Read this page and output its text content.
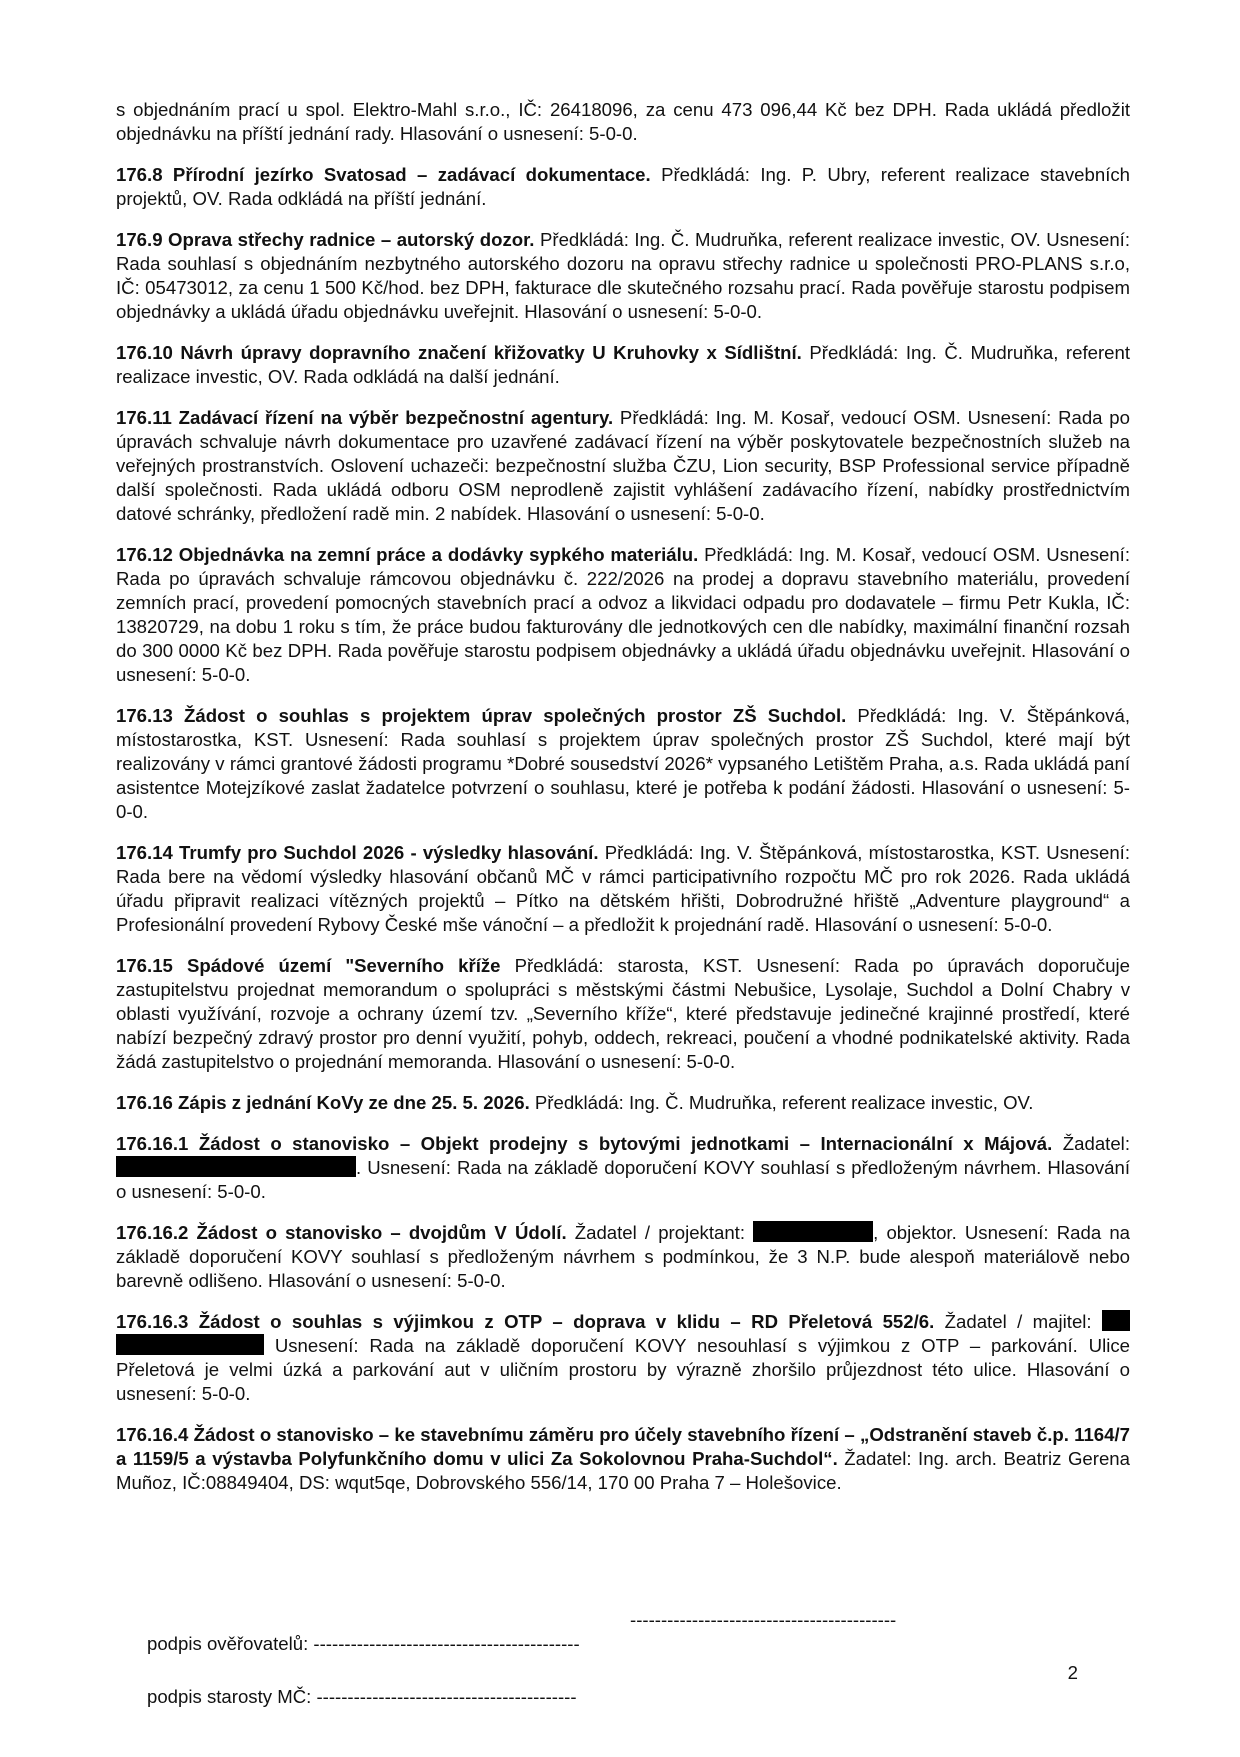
s objednáním prací u spol. Elektro-Mahl s.r.o., IČ: 26418096, za cenu 473 096,44 Kč bez DPH. Rada ukládá předložit objednávku na příští jednání rady. Hlasování o usnesení: 5-0-0.

176.8 Přírodní jezírko Svatosad – zadávací dokumentace. Předkládá: Ing. P. Ubry, referent realizace stavebních projektů, OV. Rada odkládá na příští jednání.

176.9 Oprava střechy radnice – autorský dozor. Předkládá: Ing. Č. Mudruňka, referent realizace investic, OV. Usnesení: Rada souhlasí s objednáním nezbytného autorského dozoru na opravu střechy radnice u společnosti PRO-PLANS s.r.o, IČ: 05473012, za cenu 1 500 Kč/hod. bez DPH, fakturace dle skutečného rozsahu prací. Rada pověřuje starostu podpisem objednávky a ukládá úřadu objednávku uveřejnit. Hlasování o usnesení: 5-0-0.

176.10 Návrh úpravy dopravního značení křižovatky U Kruhovky x Sídlištní. Předkládá: Ing. Č. Mudruňka, referent realizace investic, OV. Rada odkládá na další jednání.

176.11 Zadávací řízení na výběr bezpečnostní agentury. Předkládá: Ing. M. Kosař, vedoucí OSM. Usnesení: Rada po úpravách schvaluje návrh dokumentace pro uzavřené zadávací řízení na výběr poskytovatele bezpečnostních služeb na veřejných prostranstvích. Oslovení uchazeči: bezpečnostní služba ČZU, Lion security, BSP Professional service případně další společnosti. Rada ukládá odboru OSM neprodleně zajistit vyhlášení zadávacího řízení, nabídky prostřednictvím datové schránky, předložení radě min. 2 nabídek. Hlasování o usnesení: 5-0-0.

176.12 Objednávka na zemní práce a dodávky sypkého materiálu. Předkládá: Ing. M. Kosař, vedoucí OSM. Usnesení: Rada po úpravách schvaluje rámcovou objednávku č. 222/2026 na prodej a dopravu stavebního materiálu, provedení zemních prací, provedení pomocných stavebních prací a odvoz a likvidaci odpadu pro dodavatele – firmu Petr Kukla, IČ: 13820729, na dobu 1 roku s tím, že práce budou fakturovány dle jednotkových cen dle nabídky, maximální finanční rozsah do 300 0000 Kč bez DPH. Rada pověřuje starostu podpisem objednávky a ukládá úřadu objednávku uveřejnit. Hlasování o usnesení: 5-0-0.

176.13 Žádost o souhlas s projektem úprav společných prostor ZŠ Suchdol. Předkládá: Ing. V. Štěpánková, místostarostka, KST. Usnesení: Rada souhlasí s projektem úprav společných prostor ZŠ Suchdol, které mají být realizovány v rámci grantové žádosti programu *Dobré sousedství 2026* vypsaného Letištěm Praha, a.s. Rada ukládá paní asistentce Motejzíkové zaslat žadatelce potvrzení o souhlasu, které je potřeba k podání žádosti. Hlasování o usnesení: 5-0-0.

176.14 Trumfy pro Suchdol 2026 - výsledky hlasování. Předkládá: Ing. V. Štěpánková, místostarostka, KST. Usnesení: Rada bere na vědomí výsledky hlasování občanů MČ v rámci participativního rozpočtu MČ pro rok 2026. Rada ukládá úřadu připravit realizaci vítězných projektů – Pítko na dětském hřišti, Dobrodružné hřiště „Adventure playground“ a Profesionální provedení Rybovy České mše vánoční – a předložit k projednání radě. Hlasování o usnesení: 5-0-0.

176.15 Spádové území "Severního kříže Předkládá: starosta, KST. Usnesení: Rada po úpravách doporučuje zastupitelstvu projednat memorandum o spolupráci s městskými částmi Nebušice, Lysolaje, Suchdol a Dolní Chabry v oblasti využívání, rozvoje a ochrany území tzv. „Severního kříže“, které představuje jedinečné krajinné prostředí, které nabízí bezpečný zdravý prostor pro denní využití, pohyb, oddech, rekreaci, poučení a vhodné podnikatelské aktivity. Rada žádá zastupitelstvo o projednání memoranda. Hlasování o usnesení: 5-0-0.

176.16 Zápis z jednání KoVy ze dne 25. 5. 2026. Předkládá: Ing. Č. Mudruňka, referent realizace investic, OV.

176.16.1 Žádost o stanovisko – Objekt prodejny s bytovými jednotkami – Internacionální x Májová. Žadatel: . Usnesení: Rada na základě doporučení KOVY souhlasí s předloženým návrhem. Hlasování o usnesení: 5-0-0.

176.16.2 Žádost o stanovisko – dvojdům V Údolí. Žadatel / projektant:	, objektor. Usnesení: Rada na základě doporučení KOVY souhlasí s předloženým návrhem s podmínkou, že 3 N.P. bude alespoň materiálově nebo barevně odlišeno. Hlasování o usnesení: 5-0-0.

176.16.3 Žádost o souhlas s výjimkou z OTP – doprava v klidu – RD Přeletová 552/6. Žadatel / majitel:   Usnesení: Rada na základě doporučení KOVY nesouhlasí s výjimkou z OTP – parkování. Ulice Přeletová je velmi úzká a parkování aut v uličním prostoru by výrazně zhoršilo průjezdnost této ulice. Hlasování o usnesení: 5-0-0.

176.16.4 Žádost o stanovisko – ke stavebnímu záměru pro účely stavebního řízení – „Odstranění staveb č.p. 1164/7 a 1159/5 a výstavba Polyfunkčního domu v ulici Za Sokolovnou Praha-Suchdol“. Žadatel: Ing. arch. Beatriz Gerena Muñoz, IČ:08849404, DS: wqut5qe, Dobrovského 556/14, 170 00 Praha 7 – Holešovice.

podpis ověřovatelů: -------------------------------------------

-------------------------------------------

podpis starosty MČ: ------------------------------------------

2
